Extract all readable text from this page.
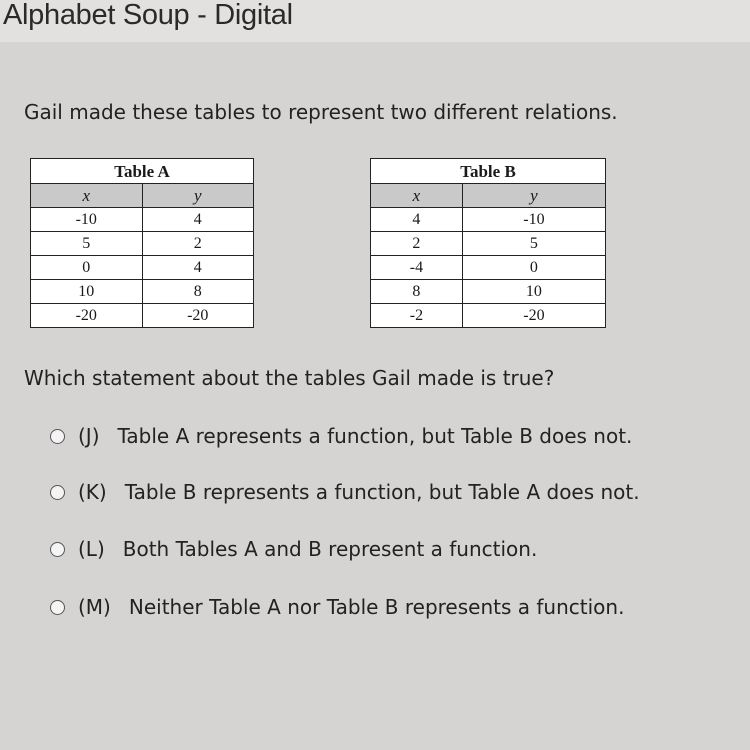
Alphabet Soup - Digital
Gail made these tables to represent two different relations.
Table A	
x	y
-10	4
5	2
0	4
10	8
-20	-20
Table B	
x	y
4	-10
2	5
-4	0
8	10
-2	-20
Which statement about the tables Gail made is true?
(J) Table A represents a function, but Table B does not.
(K) Table B represents a function, but Table A does not.
(L) Both Tables A and B represent a function.
(M) Neither Table A nor Table B represents a function.
